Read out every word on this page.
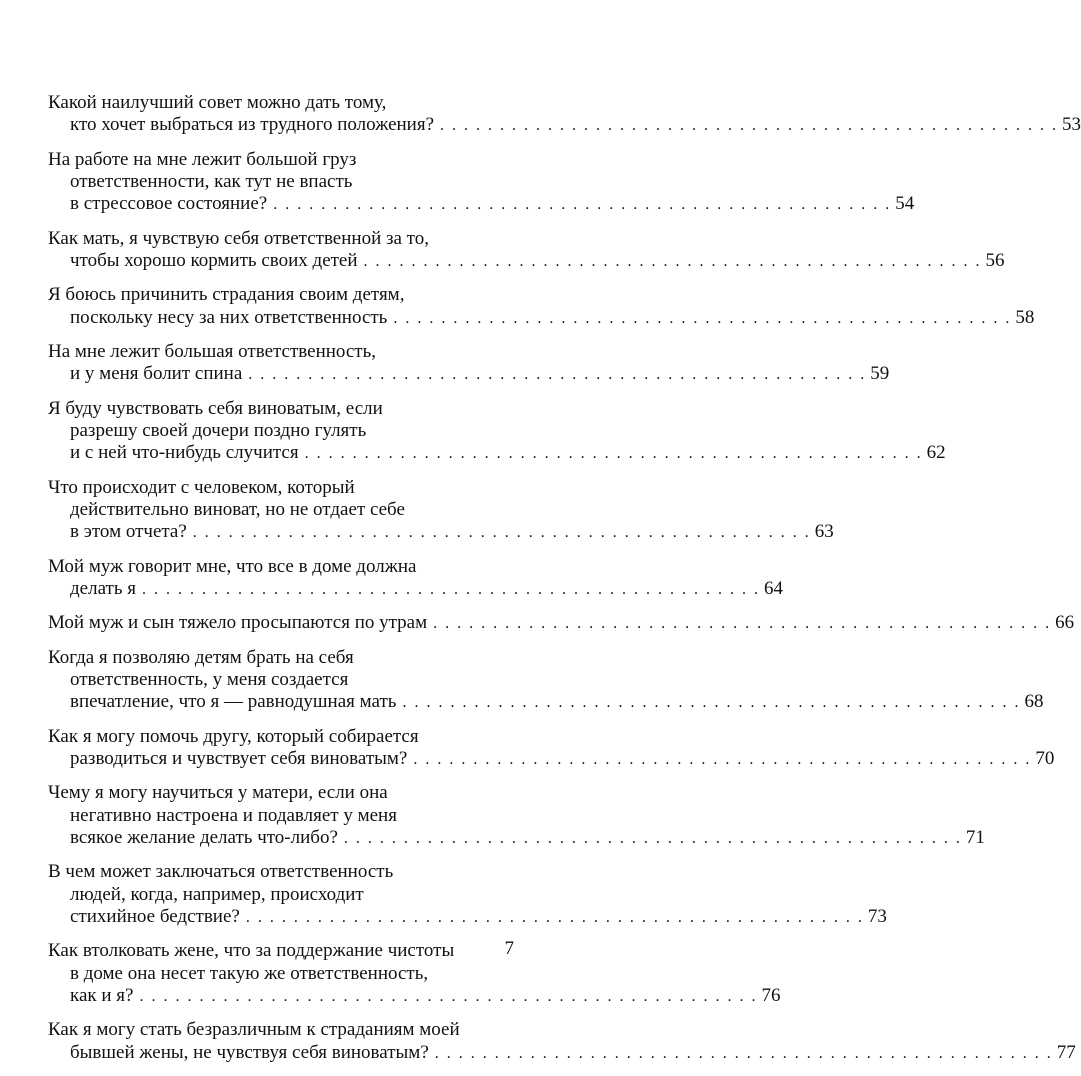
Какой наилучший совет можно дать тому,
кто хочет выбраться из трудного положения? . . . . . . . . . . . . . . . . . . . . . . . . . . . . . . . . . . . . . . . . . . . . . . . . . . . . 53
На работе на мне лежит большой груз
ответственности, как тут не впасть
в стрессовое состояние? . . . . . . . . . . . . . . . . . . . . . . . . . . . . . . . . . . . . . . . . . . . . . . . . . . . . 54
Как мать, я чувствую себя ответственной за то,
чтобы хорошо кормить своих детей . . . . . . . . . . . . . . . . . . . . . . . . . . . . . . . . . . . . . . . . . . . . . . . . . . . . 56
Я боюсь причинить страдания своим детям,
поскольку несу за них ответственность . . . . . . . . . . . . . . . . . . . . . . . . . . . . . . . . . . . . . . . . . . . . . . . . . . . . 58
На мне лежит большая ответственность,
и у меня болит спина . . . . . . . . . . . . . . . . . . . . . . . . . . . . . . . . . . . . . . . . . . . . . . . . . . . . 59
Я буду чувствовать себя виноватым, если
разрешу своей дочери поздно гулять
и с ней что-нибудь случится . . . . . . . . . . . . . . . . . . . . . . . . . . . . . . . . . . . . . . . . . . . . . . . . . . . . 62
Что происходит с человеком, который
действительно виноват, но не отдает себе
в этом отчета? . . . . . . . . . . . . . . . . . . . . . . . . . . . . . . . . . . . . . . . . . . . . . . . . . . . . 63
Мой муж говорит мне, что все в доме должна
делать я . . . . . . . . . . . . . . . . . . . . . . . . . . . . . . . . . . . . . . . . . . . . . . . . . . . . 64
Мой муж и сын тяжело просыпаются по утрам . . . . . . . . . . . . . . . . . . . . . . . . . . . . . . . . . . . . . . . . . . . . . . . . . . . . 66
Когда я позволяю детям брать на себя
ответственность, у меня создается
впечатление, что я — равнодушная мать . . . . . . . . . . . . . . . . . . . . . . . . . . . . . . . . . . . . . . . . . . . . . . . . . . . . 68
Как я могу помочь другу, который собирается
разводиться и чувствует себя виноватым? . . . . . . . . . . . . . . . . . . . . . . . . . . . . . . . . . . . . . . . . . . . . . . . . . . . . 70
Чему я могу научиться у матери, если она
негативно настроена и подавляет у меня
всякое желание делать что-либо? . . . . . . . . . . . . . . . . . . . . . . . . . . . . . . . . . . . . . . . . . . . . . . . . . . . . 71
В чем может заключаться ответственность
людей, когда, например, происходит
стихийное бедствие? . . . . . . . . . . . . . . . . . . . . . . . . . . . . . . . . . . . . . . . . . . . . . . . . . . . . 73
Как втолковать жене, что за поддержание чистоты
в доме она несет такую же ответственность,
как и я? . . . . . . . . . . . . . . . . . . . . . . . . . . . . . . . . . . . . . . . . . . . . . . . . . . . . 76
Как я могу стать безразличным к страданиям моей
бывшей жены, не чувствуя себя виноватым? . . . . . . . . . . . . . . . . . . . . . . . . . . . . . . . . . . . . . . . . . . . . . . . . . . . . 77
7
